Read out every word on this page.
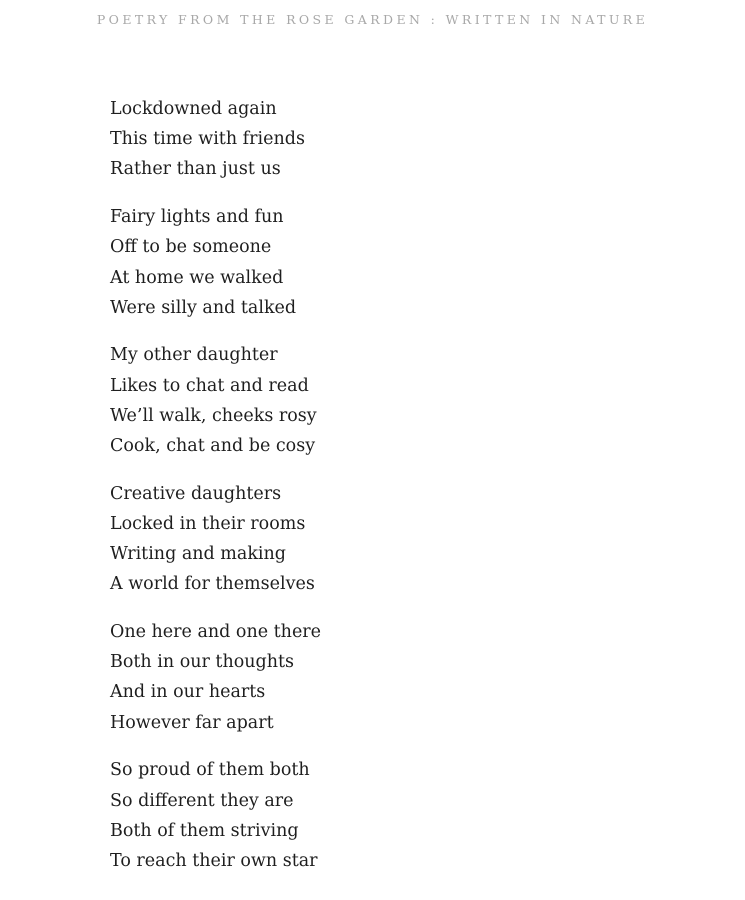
POETRY FROM THE ROSE GARDEN : WRITTEN IN NATURE
Lockdowned again
This time with friends
Rather than just us
Fairy lights and fun
Off to be someone
At home we walked
Were silly and talked
My other daughter
Likes to chat and read
We’ll walk, cheeks rosy
Cook, chat and be cosy
Creative daughters
Locked in their rooms
Writing and making
A world for themselves
One here and one there
Both in our thoughts
And in our hearts
However far apart
So proud of them both
So different they are
Both of them striving
To reach their own star
